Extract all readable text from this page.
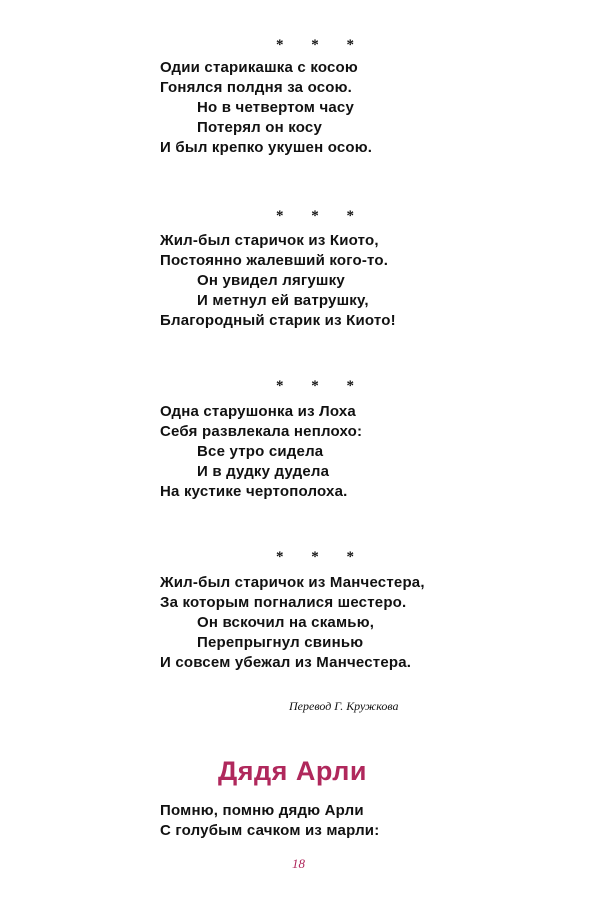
* * *
Одии старикашка с косою
Гонялся полдня за осою.
Но в четвертом часу
Потерял он косу
И был крепко укушен осою.
* * *
Жил-был старичок из Киото,
Постоянно жалевший кого-то.
Он увидел лягушку
И метнул ей ватрушку,
Благородный старик из Киото!
* * *
Одна старушонка из Лоха
Себя развлекала неплохо:
Все утро сидела
И в дудку дудела
На кустике чертополоха.
* * *
Жил-был старичок из Манчестера,
За которым погналися шестеро.
Он вскочил на скамью,
Перепрыгнул свинью
И совсем убежал из Манчестера.
Перевод Г. Кружкова
Дядя Арли
Помню, помню дядю Арли
С голубым сачком из марли:
18
